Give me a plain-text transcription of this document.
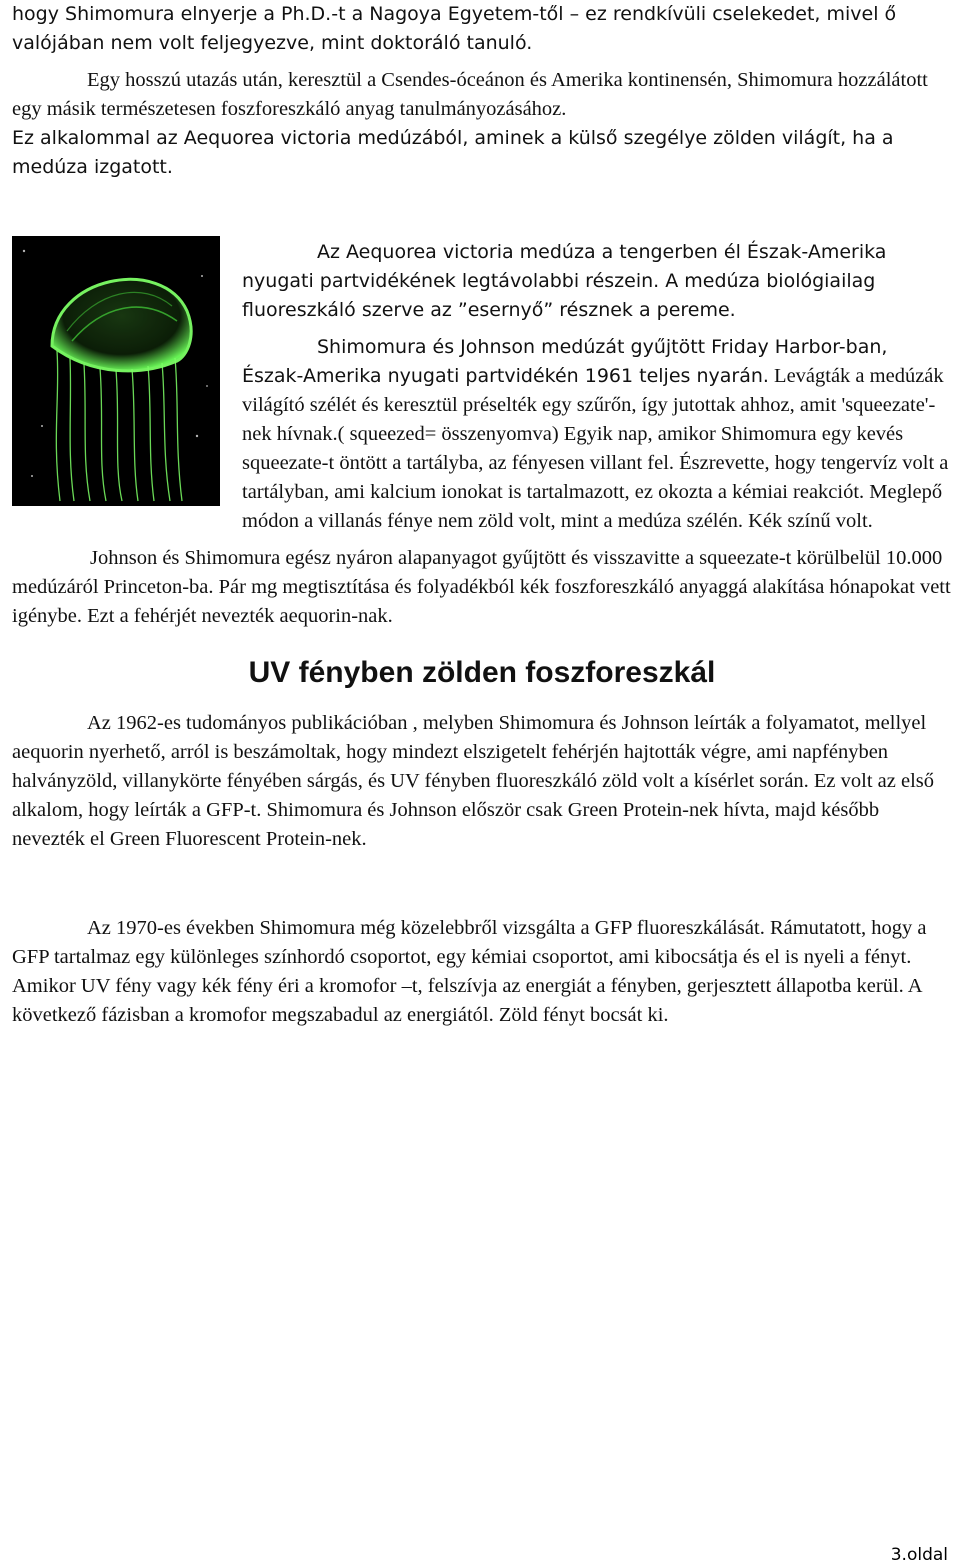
hogy Shimomura elnyerje a Ph.D.-t a Nagoya Egyetem-től – ez rendkívüli cselekedet, mivel ő valójában nem volt feljegyezve, mint doktoráló tanuló.

Egy hosszú utazás után, keresztül a Csendes-óceánon és Amerika kontinensén, Shimomura hozzálátott egy másik természetesen foszforeszkáló anyag tanulmányozásához.

Ez alkalommal az Aequorea victoria medúzából, aminek a külső szegélye zölden világít, ha a medúza izgatott.

Az Aequorea victoria medúza a tengerben él Észak-Amerika nyugati partvidékének legtávolabbi részein. A medúza biológiailag fluoreszkáló szerve az ”esernyő” résznek a pereme.

Shimomura és Johnson medúzát gyűjtött Friday Harbor-ban, Észak-Amerika nyugati partvidékén 1961 teljes nyarán. Levágták a medúzák világító szélét és keresztül préselték egy szűrőn, így jutottak ahhoz, amit 'squeezate'-nek hívnak.( squeezed= összenyomva) Egyik nap, amikor Shimomura egy kevés squeezate-t öntött a tartályba, az fényesen villant fel. Észrevette, hogy tengervíz volt a tartályban, ami kalcium ionokat is tartalmazott, ez okozta a kémiai reakciót. Meglepő módon a villanás fénye nem zöld volt, mint a medúza szélén. Kék színű volt.

Johnson és Shimomura egész nyáron alapanyagot gyűjtött és visszavitte a squeezate-t körülbelül 10.000 medúzáról Princeton-ba. Pár mg megtisztítása és folyadékból kék foszforeszkáló anyaggá alakítása hónapokat vett igénybe. Ezt a fehérjét nevezték aequorin-nak.

UV fényben zölden foszforeszkál

Az 1962-es tudományos publikációban , melyben Shimomura és Johnson leírták a folyamatot, mellyel aequorin nyerhető, arról is beszámoltak, hogy mindezt elszigetelt fehérjén hajtották végre, ami napfényben halványzöld, villanykörte fényében sárgás, és UV fényben fluoreszkáló zöld volt a kísérlet során. Ez volt az első alkalom, hogy leírták a GFP-t. Shimomura és Johnson először csak Green Protein-nek hívta, majd később nevezték el Green Fluorescent Protein-nek.

Az 1970-es években Shimomura még közelebbről vizsgálta a GFP fluoreszkálását. Rámutatott, hogy a GFP tartalmaz egy különleges színhordó csoportot, egy kémiai csoportot, ami kibocsátja és el is nyeli a fényt. Amikor UV fény vagy kék fény éri a kromofor –t, felszívja az energiát a fényben, gerjesztett állapotba kerül. A következő fázisban a kromofor megszabadul az energiától. Zöld fényt bocsát ki.

3.oldal
